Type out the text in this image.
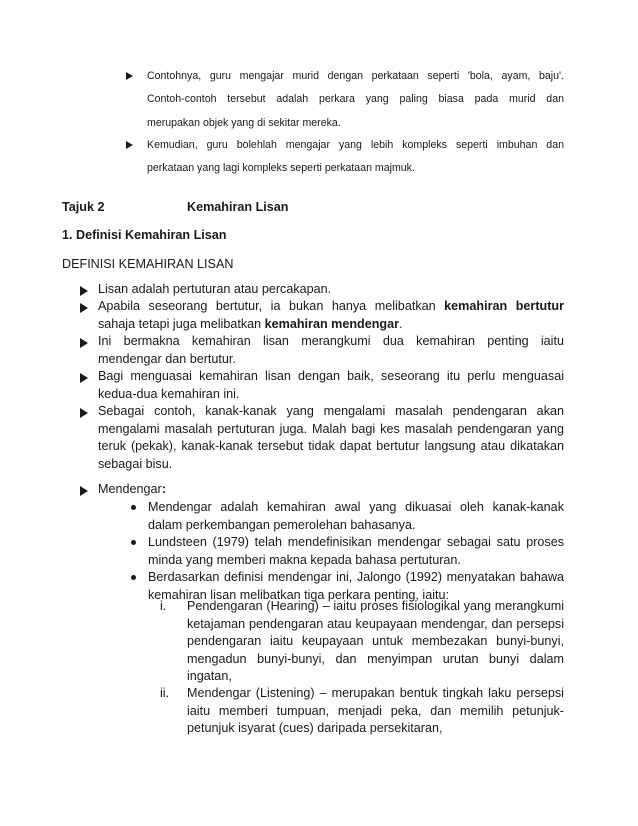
Contohnya, guru mengajar murid dengan perkataan seperti 'bola, ayam, baju'.
Contoh-contoh tersebut adalah perkara yang paling biasa pada murid dan
merupakan objek yang di sekitar mereka.
Kemudian, guru bolehlah mengajar yang lebih kompleks seperti imbuhan dan
perkataan yang lagi kompleks seperti perkataan majmuk.
Tajuk 2	Kemahiran Lisan
1. Definisi Kemahiran Lisan
DEFINISI KEMAHIRAN LISAN
Lisan adalah pertuturan atau percakapan.
Apabila seseorang bertutur, ia bukan hanya melibatkan kemahiran bertutur
sahaja tetapi juga melibatkan kemahiran mendengar.
Ini bermakna kemahiran lisan merangkumi dua kemahiran penting iaitu
mendengar dan bertutur.
Bagi menguasai kemahiran lisan dengan baik, seseorang itu perlu menguasai
kedua-dua kemahiran ini.
Sebagai contoh, kanak-kanak yang mengalami masalah pendengaran akan
mengalami masalah pertuturan juga. Malah bagi kes masalah pendengaran yang
teruk (pekak), kanak-kanak tersebut tidak dapat bertutur langsung atau dikatakan
sebagai bisu.
Mendengar:
Mendengar adalah kemahiran awal yang dikuasai oleh kanak-kanak
dalam perkembangan pemerolehan bahasanya.
Lundsteen (1979) telah mendefinisikan mendengar sebagai satu proses
minda yang memberi makna kepada bahasa pertuturan.
Berdasarkan definisi mendengar ini, Jalongo (1992) menyatakan bahawa
kemahiran lisan melibatkan tiga perkara penting, iaitu:
i. Pendengaran (Hearing) – iaitu proses fisiologikal yang merangkumi
ketajaman pendengaran atau keupayaan mendengar, dan persepsi
pendengaran iaitu keupayaan untuk membezakan bunyi-bunyi,
mengadun bunyi-bunyi, dan menyimpan urutan bunyi dalam
ingatan,
ii. Mendengar (Listening) – merupakan bentuk tingkah laku persepsi
iaitu memberi tumpuan, menjadi peka, dan memilih petunjuk-
petunjuk isyarat (cues) daripada persekitaran,
